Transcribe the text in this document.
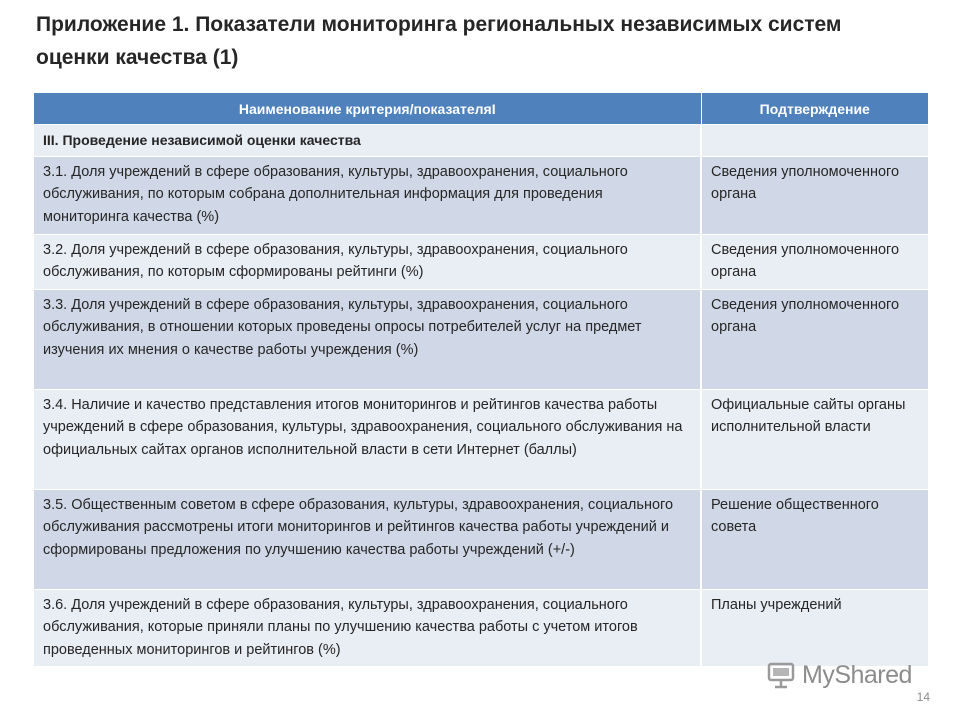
Приложение 1. Показатели мониторинга региональных независимых систем оценки качества (1)
Наименование критерия/показателяI	Подтверждение
III. Проведение независимой оценки качества	
3.1. Доля учреждений в сфере образования, культуры, здравоохранения, социального обслуживания, по которым собрана дополнительная информация для проведения мониторинга качества (%)	Сведения уполномоченного органа
3.2. Доля учреждений в сфере образования, культуры, здравоохранения, социального обслуживания, по которым сформированы рейтинги (%)	Сведения уполномоченного органа
3.3. Доля учреждений в сфере образования, культуры, здравоохранения, социального обслуживания, в отношении которых проведены опросы потребителей услуг на предмет изучения их мнения о качестве работы учреждения (%)	Сведения уполномоченного органа
3.4. Наличие и качество представления итогов мониторингов и рейтингов качества работы учреждений в сфере образования, культуры, здравоохранения, социального обслуживания на официальных сайтах органов исполнительной власти в сети Интернет (баллы)	Официальные сайты органы исполнительной власти
3.5. Общественным советом в сфере образования, культуры, здравоохранения, социального обслуживания рассмотрены итоги мониторингов и рейтингов качества работы учреждений и сформированы предложения по улучшению качества работы учреждений (+/-)	Решение общественного совета
3.6. Доля учреждений в сфере образования, культуры, здравоохранения, социального обслуживания, которые приняли планы по улучшению качества работы с учетом итогов проведенных мониторингов и рейтингов (%)	Планы учреждений
MyShared
14
